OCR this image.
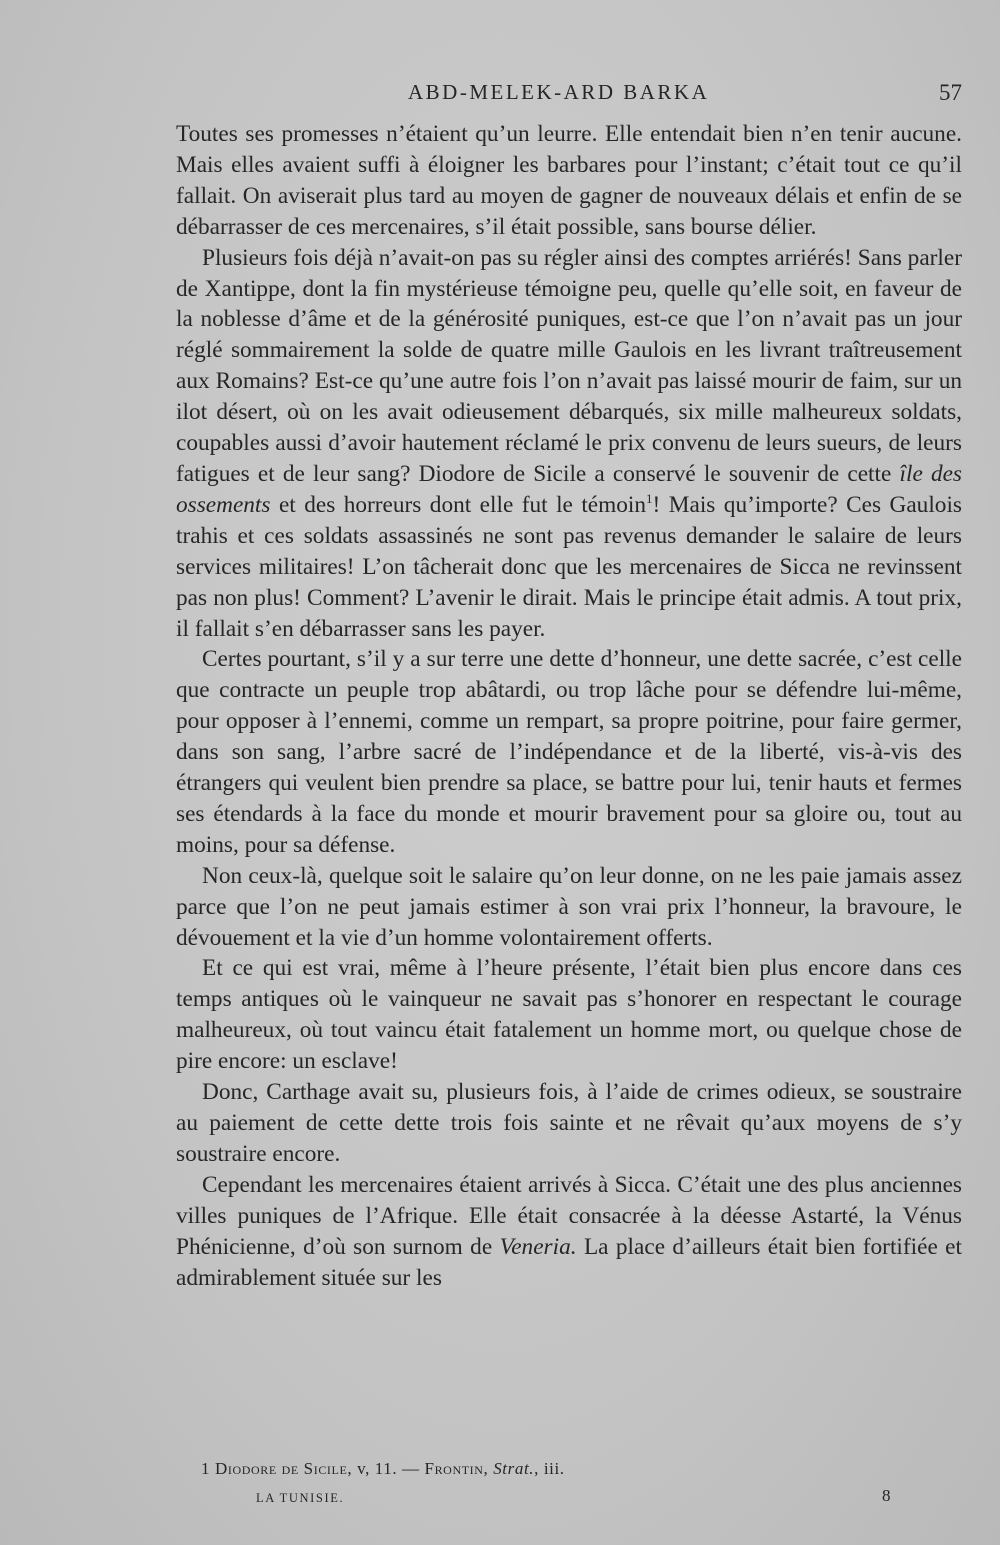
ABD-MELEK-ARD BARKA	57

Toutes ses promesses n’étaient qu’un leurre. Elle entendait bien n’en tenir aucune. Mais elles avaient suffi à éloigner les barbares pour l’instant; c’était tout ce qu’il fallait. On aviserait plus tard au moyen de gagner de nouveaux délais et enfin de se débarrasser de ces mercenaires, s’il était possible, sans bourse délier.

Plusieurs fois déjà n’avait-on pas su régler ainsi des comptes arriérés! Sans parler de Xantippe, dont la fin mystérieuse témoigne peu, quelle qu’elle soit, en faveur de la noblesse d’âme et de la générosité puniques, est-ce que l’on n’avait pas un jour réglé sommairement la solde de quatre mille Gaulois en les livrant traîtreusement aux Romains? Est-ce qu’une autre fois l’on n’avait pas laissé mourir de faim, sur un ilot désert, où on les avait odieusement débarqués, six mille malheureux soldats, coupables aussi d’avoir hautement réclamé le prix convenu de leurs sueurs, de leurs fatigues et de leur sang? Diodore de Sicile a conservé le souvenir de cette île des ossements et des horreurs dont elle fut le témoin$^1$! Mais qu’importe? Ces Gaulois trahis et ces soldats assassinés ne sont pas revenus demander le salaire de leurs services militaires! L’on tâcherait donc que les mercenaires de Sicca ne revinssent pas non plus! Comment? L’avenir le dirait. Mais le principe était admis. A tout prix, il fallait s’en débarrasser sans les payer.

Certes pourtant, s’il y a sur terre une dette d’honneur, une dette sacrée, c’est celle que contracte un peuple trop abâtardi, ou trop lâche pour se défendre lui-même, pour opposer à l’ennemi, comme un rempart, sa propre poitrine, pour faire germer, dans son sang, l’arbre sacré de l’indépendance et de la liberté, vis-à-vis des étrangers qui veulent bien prendre sa place, se battre pour lui, tenir hauts et fermes ses étendards à la face du monde et mourir bravement pour sa gloire ou, tout au moins, pour sa défense.

Non ceux-là, quelque soit le salaire qu’on leur donne, on ne les paie jamais assez parce que l’on ne peut jamais estimer à son vrai prix l’honneur, la bravoure, le dévouement et la vie d’un homme volontairement offerts.

Et ce qui est vrai, même à l’heure présente, l’était bien plus encore dans ces temps antiques où le vainqueur ne savait pas s’honorer en respectant le courage malheureux, où tout vaincu était fatalement un homme mort, ou quelque chose de pire encore: un esclave!

Donc, Carthage avait su, plusieurs fois, à l’aide de crimes odieux, se soustraire au paiement de cette dette trois fois sainte et ne rêvait qu’aux moyens de s’y soustraire encore.

Cependant les mercenaires étaient arrivés à Sicca. C’était une des plus anciennes villes puniques de l’Afrique. Elle était consacrée à la déesse Astarté, la Vénus Phénicienne, d’où son surnom de Veneria. La place d’ailleurs était bien fortifiée et admirablement située sur les

1 Diodore de Sicile, v, 11. — Frontin, Strat., iii.
LA TUNISIE.	8
